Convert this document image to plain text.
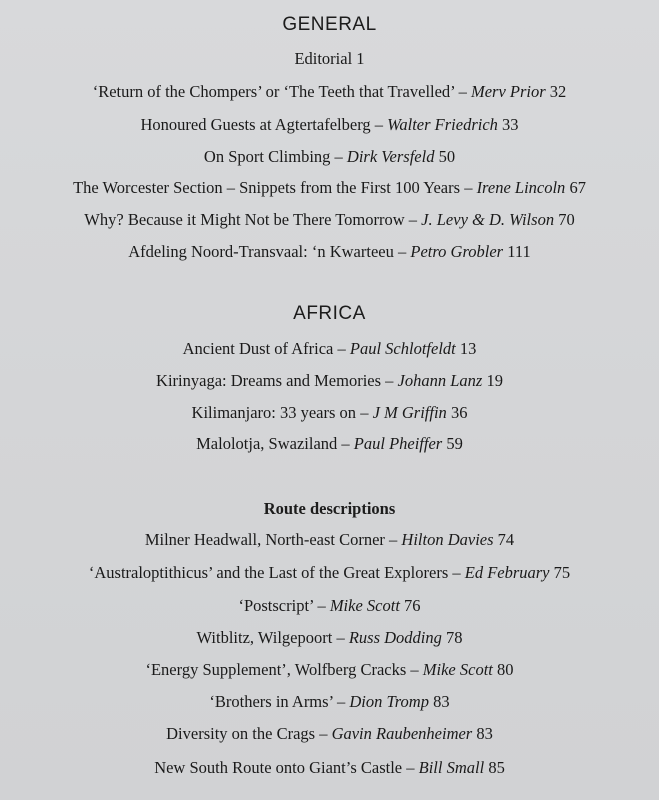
GENERAL
Editorial 1
‘Return of the Chompers’ or ‘The Teeth that Travelled’ – Merv Prior 32
Honoured Guests at Agtertafelberg – Walter Friedrich 33
On Sport Climbing – Dirk Versfeld 50
The Worcester Section – Snippets from the First 100 Years – Irene Lincoln 67
Why? Because it Might Not be There Tomorrow – J. Levy & D. Wilson 70
Afdeling Noord-Transvaal: ‘n Kwarteeu – Petro Grobler 111
AFRICA
Ancient Dust of Africa – Paul Schlotfeldt 13
Kirinyaga: Dreams and Memories – Johann Lanz 19
Kilimanjaro: 33 years on – J M Griffin 36
Malolotja, Swaziland – Paul Pheiffer 59
Route descriptions
Milner Headwall, North-east Corner – Hilton Davies 74
‘Australoptithicus’ and the Last of the Great Explorers – Ed February 75
‘Postscript’ – Mike Scott 76
Witblitz, Wilgepoort – Russ Dodding 78
‘Energy Supplement’, Wolfberg Cracks – Mike Scott 80
‘Brothers in Arms’ – Dion Tromp 83
Diversity on the Crags – Gavin Raubenheimer 83
New South Route onto Giant’s Castle – Bill Small 85
